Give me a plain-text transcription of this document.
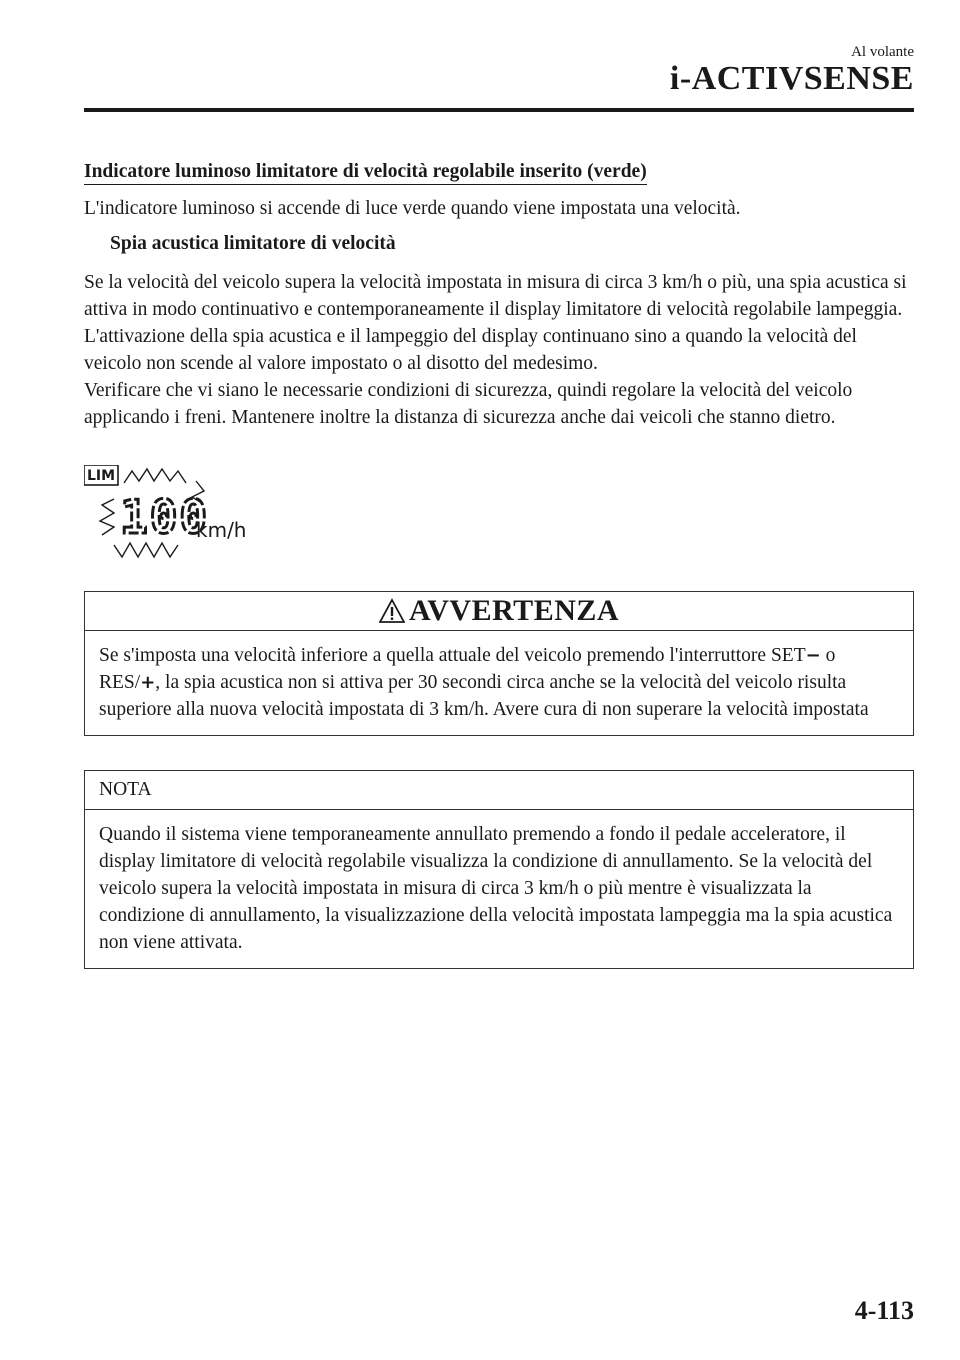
Al volante
i-ACTIVSENSE
Indicatore luminoso limitatore di velocità regolabile inserito (verde)

L'indicatore luminoso si accende di luce verde quando viene impostata una velocità.

Spia acustica limitatore di velocità

Se la velocità del veicolo supera la velocità impostata in misura di circa 3 km/h o più, una spia acustica si attiva in modo continuativo e contemporaneamente il display limitatore di velocità regolabile lampeggia. L'attivazione della spia acustica e il lampeggio del display continuano sino a quando la velocità del veicolo non scende al valore impostato o al disotto del medesimo.

Verificare che vi siano le necessarie condizioni di sicurezza, quindi regolare la velocità del veicolo applicando i freni. Mantenere inoltre la distanza di sicurezza anche dai veicoli che stanno dietro.

LIM
100
km/h
AVVERTENZA
Se s'imposta una velocità inferiore a quella attuale del veicolo premendo l'interruttore SET− o RES/+, la spia acustica non si attiva per 30 secondi circa anche se la velocità del veicolo risulta superiore alla nuova velocità impostata di 3 km/h. Avere cura di non superare la velocità impostata
NOTA
Quando il sistema viene temporaneamente annullato premendo a fondo il pedale acceleratore, il display limitatore di velocità regolabile visualizza la condizione di annullamento. Se la velocità del veicolo supera la velocità impostata in misura di circa 3 km/h o più mentre è visualizzata la condizione di annullamento, la visualizzazione della velocità impostata lampeggia ma la spia acustica non viene attivata.
4-113
